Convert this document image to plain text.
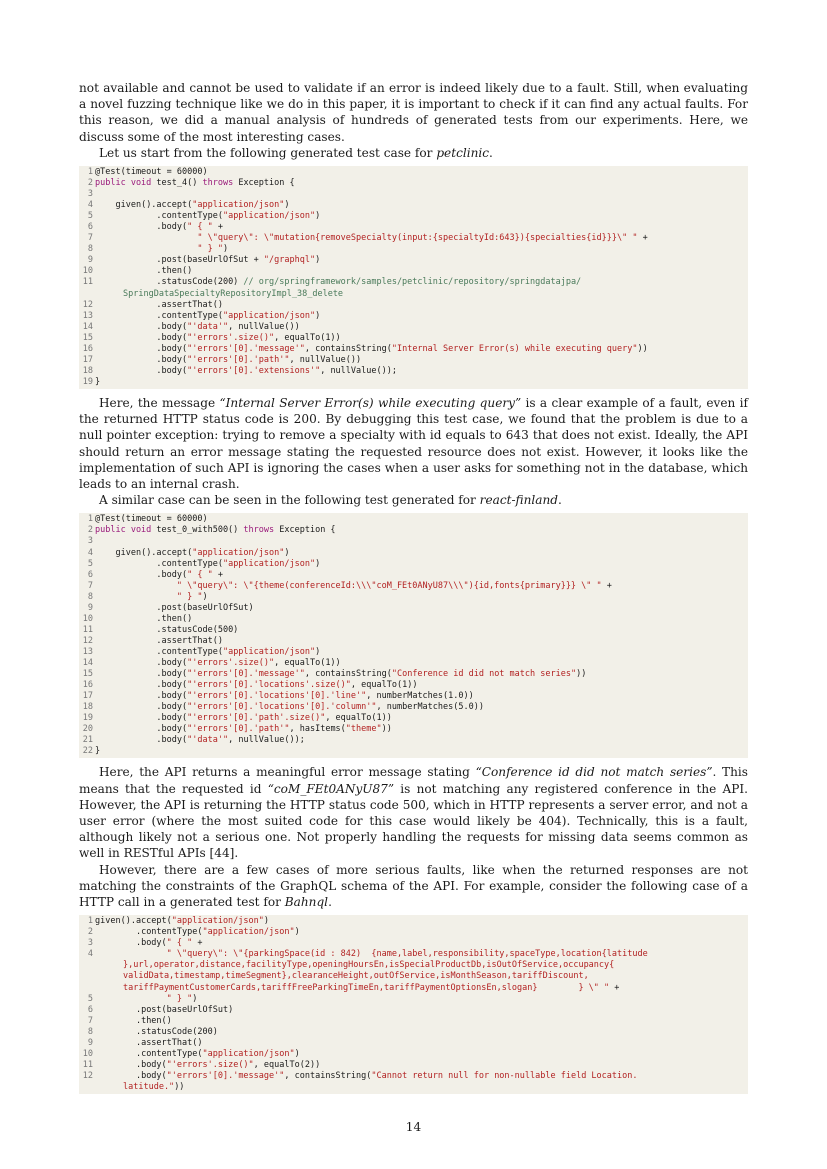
not available and cannot be used to validate if an error is indeed likely due to a fault. Still, when evaluating a novel fuzzing technique like we do in this paper, it is important to check if it can find any actual faults. For this reason, we did a manual analysis of hundreds of generated tests from our experiments. Here, we discuss some of the most interesting cases.

Let us start from the following generated test case for petclinic.

1 @Test(timeout = 60000)
2 public void test_4() throws Exception {
3

4 given().accept("application/json")
5 .contentType("application/json")
6 .body(" { " +
7	" \"query\": \"mutation{removeSpecialty(input:{specialtyId:643}){specialties{id}}}\" " +
8	" } ")
9 .post(baseUrlOfSut + "/graphql")
10 .then()
11 .statusCode(200) // org/springframework/samples/petclinic/repository/springdatajpa/
SpringDataSpecialtyRepositoryImpl_38_delete
12 .assertThat()
13 .contentType("application/json")
14 .body("'data'", nullValue())
15 .body("'errors'.size()", equalTo(1))
16 .body("'errors'[0].'message'", containsString("Internal Server Error(s) while executing query"))
17 .body("'errors'[0].'path'", nullValue())
18 .body("'errors'[0].'extensions'", nullValue());
19 }

Here, the message “Internal Server Error(s) while executing query” is a clear example of a fault, even if the returned HTTP status code is 200. By debugging this test case, we found that the problem is due to a null pointer exception: trying to remove a specialty with id equals to 643 that does not exist. Ideally, the API should return an error message stating the requested resource does not exist. However, it looks like the implementation of such API is ignoring the cases when a user asks for something not in the database, which leads to an internal crash.

A similar case can be seen in the following test generated for react-finland.

1 @Test(timeout = 60000)
2 public void test_0_with500() throws Exception {
3

4 given().accept("application/json")
5 .contentType("application/json")
6 .body(" { " +
7	" \"query\": \"{theme(conferenceId:\\\"coM_FEt0ANyU87\\\"){id,fonts{primary}}} \" " +
8	" } ")
9 .post(baseUrlOfSut)
10 .then()
11 .statusCode(500)
12 .assertThat()
13 .contentType("application/json")
14 .body("'errors'.size()", equalTo(1))
15 .body("'errors'[0].'message'", containsString("Conference id did not match series"))
16 .body("'errors'[0].'locations'.size()", equalTo(1))
17 .body("'errors'[0].'locations'[0].'line'", numberMatches(1.0))
18 .body("'errors'[0].'locations'[0].'column'", numberMatches(5.0))
19 .body("'errors'[0].'path'.size()", equalTo(1))
20 .body("'errors'[0].'path'", hasItems("theme"))
21 .body("'data'", nullValue());
22 }

Here, the API returns a meaningful error message stating “Conference id did not match series”. This means that the requested id “coM_FEt0ANyU87” is not matching any registered conference in the API. However, the API is returning the HTTP status code 500, which in HTTP represents a server error, and not a user error (where the most suited code for this case would likely be 404). Technically, this is a fault, although likely not a serious one. Not properly handling the requests for missing data seems common as well in RESTful APIs [44].

However, there are a few cases of more serious faults, like when the returned responses are not matching the constraints of the GraphQL schema of the API. For example, consider the following case of a HTTP call in a generated test for Bahnql.

1 given().accept("application/json")
2 .contentType("application/json")
3 .body(" { " +
4	" \"query\": \"{parkingSpace(id : 842)  {name,label,responsibility,spaceType,location{latitude
},url,operator,distance,facilityType,openingHoursEn,isSpecialProductDb,isOutOfService,occupancy{
validData,timestamp,timeSegment},clearanceHeight,outOfService,isMonthSeason,tariffDiscount,
tariffPaymentCustomerCards,tariffFreeParkingTimeEn,tariffPaymentOptionsEn,slogan}        } \" " +
5	" } ")
6 .post(baseUrlOfSut)
7 .then()
8 .statusCode(200)
9 .assertThat()
10 .contentType("application/json")
11 .body("'errors'.size()", equalTo(2))
12 .body("'errors'[0].'message'", containsString("Cannot return null for non-nullable field Location.
latitude."))
14
